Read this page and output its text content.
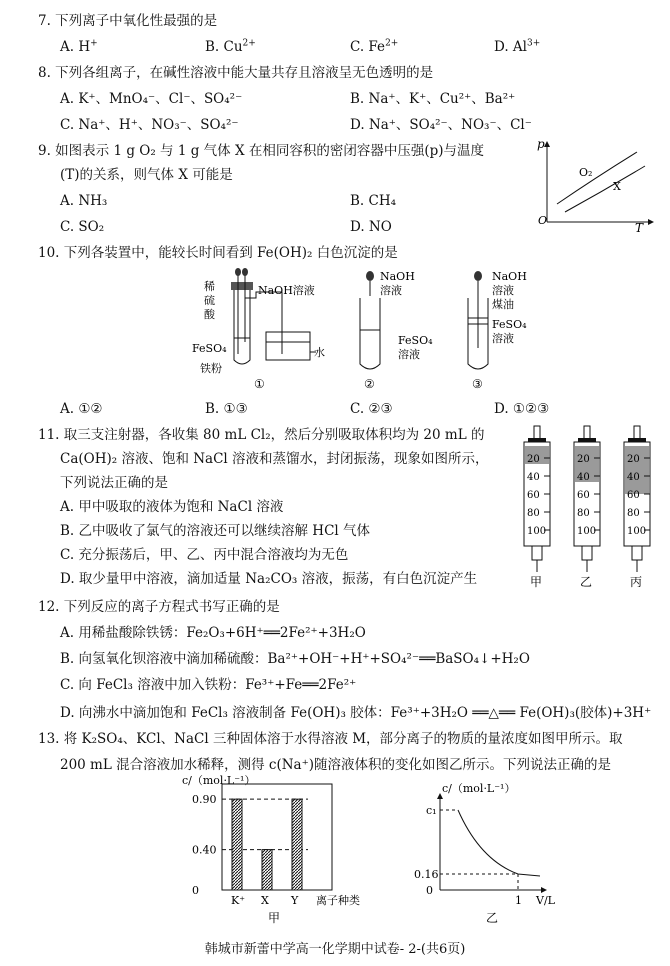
7. 下列离子中氧化性最强的是
A. H+	B. $Cu^{2+}$	C. $Fe^{2+}$	D. $Al^{3+}$
8. 下列各组离子，在碱性溶液中能大量共存且溶液呈无色透明的是
A. K⁺、MnO₄⁻、Cl⁻、SO₄²⁻	B. Na⁺、K⁺、Cu²⁺、Ba²⁺
C. Na⁺、H⁺、NO₃⁻、SO₄²⁻	D. Na⁺、SO₄²⁻、NO₃⁻、Cl⁻
9. 如图表示 1 g O₂ 与 1 g 气体 X 在相同容积的密闭容器中压强(p)与温度
(T)的关系，则气体 X 可能是
A. NH₃	B. CH₄
C. SO₂	D. NO
p
T
O
O₂
X
10. 下列各装置中，能较长时间看到 Fe(OH)₂ 白色沉淀的是
稀
硫
酸
NaOH溶液
FeSO₄
铁粉
水
①
NaOH
溶液
FeSO₄
溶液
②
NaOH
溶液
煤油
FeSO₄
溶液
③
A. ①②	B. ①③	C. ②③	D. ①②③
11. 取三支注射器，各收集 80 mL Cl₂，然后分别吸取体积均为 20 mL 的
Ca(OH)₂ 溶液、饱和 NaCl 溶液和蒸馏水，封闭振荡，现象如图所示，
下列说法正确的是
A. 甲中吸取的液体为饱和 NaCl 溶液
B. 乙中吸收了氯气的溶液还可以继续溶解 HCl 气体
C. 充分振荡后，甲、乙、丙中混合溶液均为无色
D. 取少量甲中溶液，滴加适量 Na₂CO₃ 溶液，振荡，有白色沉淀产生
20
40
60
80
100
甲
20
40
60
80
100
乙
20
40
60
80
100
丙
12. 下列反应的离子方程式书写正确的是
A. 用稀盐酸除铁锈：Fe₂O₃+6H⁺══2Fe²⁺+3H₂O
B. 向氢氧化钡溶液中滴加稀硫酸：Ba²⁺+OH⁻+H⁺+SO₄²⁻══BaSO₄↓+H₂O
C. 向 FeCl₃ 溶液中加入铁粉：Fe³⁺+Fe══2Fe²⁺
D. 向沸水中滴加饱和 FeCl₃ 溶液制备 Fe(OH)₃ 胶体：Fe³⁺+3H₂O ══△══ Fe(OH)₃(胶体)+3H⁺
13. 将 K₂SO₄、KCl、NaCl 三种固体溶于水得溶液 M，部分离子的物质的量浓度如图甲所示。取
200 mL 混合溶液加水稀释，测得 c(Na⁺)随溶液体积的变化如图乙所示。下列说法正确的是
c/（mol·L⁻¹）
0.90
0.40
0
K⁺ X Y 离子种类
甲
c/（mol·L⁻¹）
c₁
0.16
0
1 V/L
乙
韩城市新蕾中学高一化学期中试卷- 2-(共6页)
